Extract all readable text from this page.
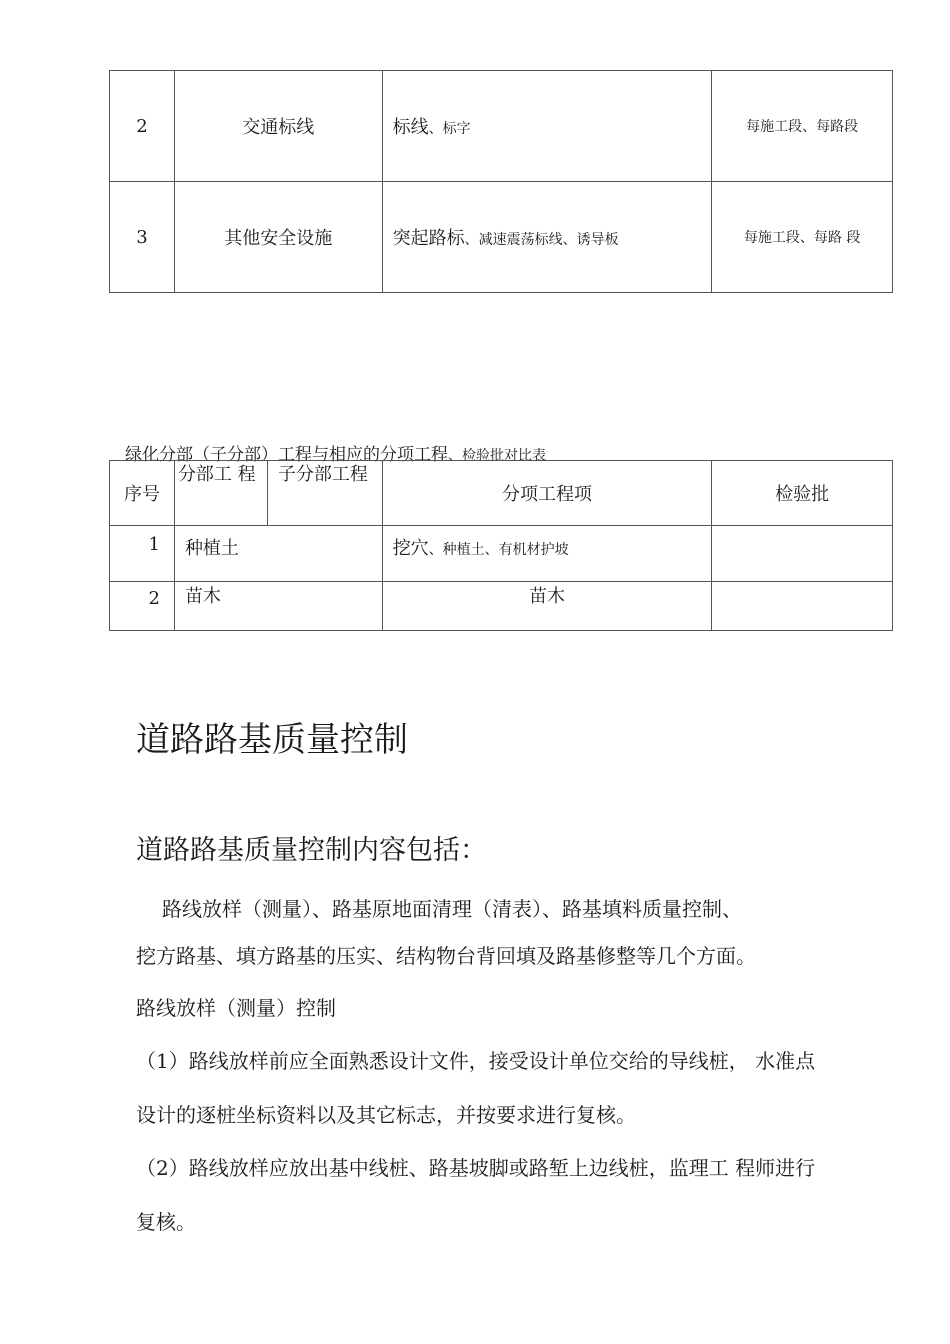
2	交通标线	标线、标字	每施工段、每路段
3	其他安全设施	突起路标、减速震荡标线、诱导板	每施工段、每路 段
绿化分部（子分部）工程与相应的分项工程、检验批对比表
序号	分部工 程	子分部工程	分项工程项	检验批
1	种植土		挖穴、种植土、有机材护坡	
2	苗木		苗木	
道路路基质量控制
道路路基质量控制内容包括：
路线放样（测量）、路基原地面清理（清表）、路基填料质量控制、
挖方路基、填方路基的压实、结构物台背回填及路基修整等几个方面。
路线放样（测量）控制
（1）路线放样前应全面熟悉设计文件，接受设计单位交给的导线桩， 水准点
设计的逐桩坐标资料以及其它标志，并按要求进行复核。
（2）路线放样应放出基中线桩、路基坡脚或路堑上边线桩，监理工 程师进行
复核。
